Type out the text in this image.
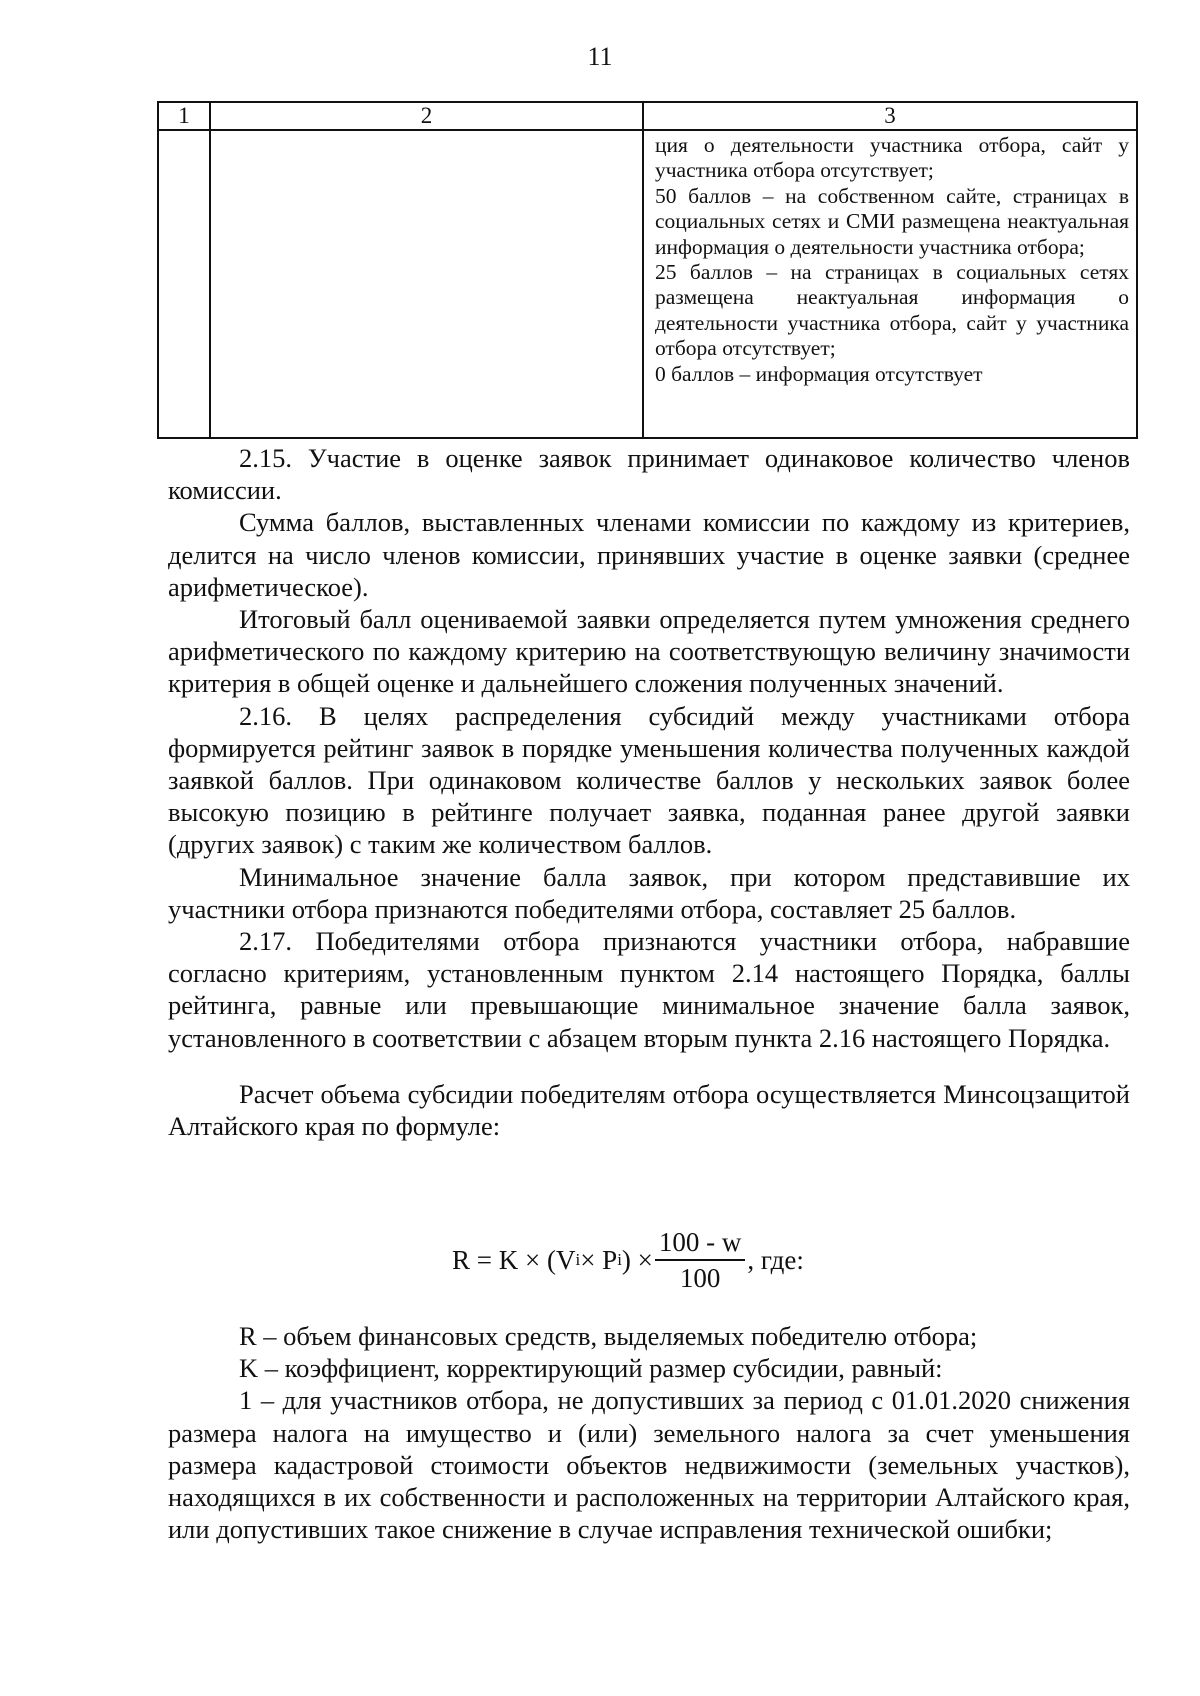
11
1	2	3

		ция о деятельности участника отбора, сайт у участника отбора отсутствует;

50 баллов – на собственном сайте, страницах в социальных сетях и СМИ размещена неактуальная информация о деятельности участника отбора;

25 баллов – на страницах в социальных сетях размещена неактуальная информация о деятельности участника отбора, сайт у участника отбора отсутствует;

0 баллов – информация отсутствует

2.15. Участие в оценке заявок принимает одинаковое количество членов комиссии.

Сумма баллов, выставленных членами комиссии по каждому из критериев, делится на число членов комиссии, принявших участие в оценке заявки (среднее арифметическое).

Итоговый балл оцениваемой заявки определяется путем умножения среднего арифметического по каждому критерию на соответствующую величину значимости критерия в общей оценке и дальнейшего сложения полученных значений.

2.16. В целях распределения субсидий между участниками отбора формируется рейтинг заявок в порядке уменьшения количества полученных каждой заявкой баллов. При одинаковом количестве баллов у нескольких заявок более высокую позицию в рейтинге получает заявка, поданная ранее другой заявки (других заявок) с таким же количеством баллов.

Минимальное значение балла заявок, при котором представившие их участники отбора признаются победителями отбора, составляет 25 баллов.

2.17. Победителями отбора признаются участники отбора, набравшие согласно критериям, установленным пунктом 2.14 настоящего Порядка, баллы рейтинга, равные или превышающие минимальное значение балла заявок, установленного в соответствии с абзацем вторым пункта 2.16 настоящего Порядка.

Расчет объема субсидии победителям отбора осуществляется Минсоцзащитой Алтайского края по формуле:

R = K × (V i × P i ) × $\frac{100 - w}{100}$ , где:

R – объем финансовых средств, выделяемых победителю отбора;

K – коэффициент, корректирующий размер субсидии, равный:

1 – для участников отбора, не допустивших за период с 01.01.2020 снижения размера налога на имущество и (или) земельного налога за счет уменьшения размера кадастровой стоимости объектов недвижимости (земельных участков), находящихся в их собственности и расположенных на территории Алтайского края, или допустивших такое снижение в случае исправления технической ошибки;
